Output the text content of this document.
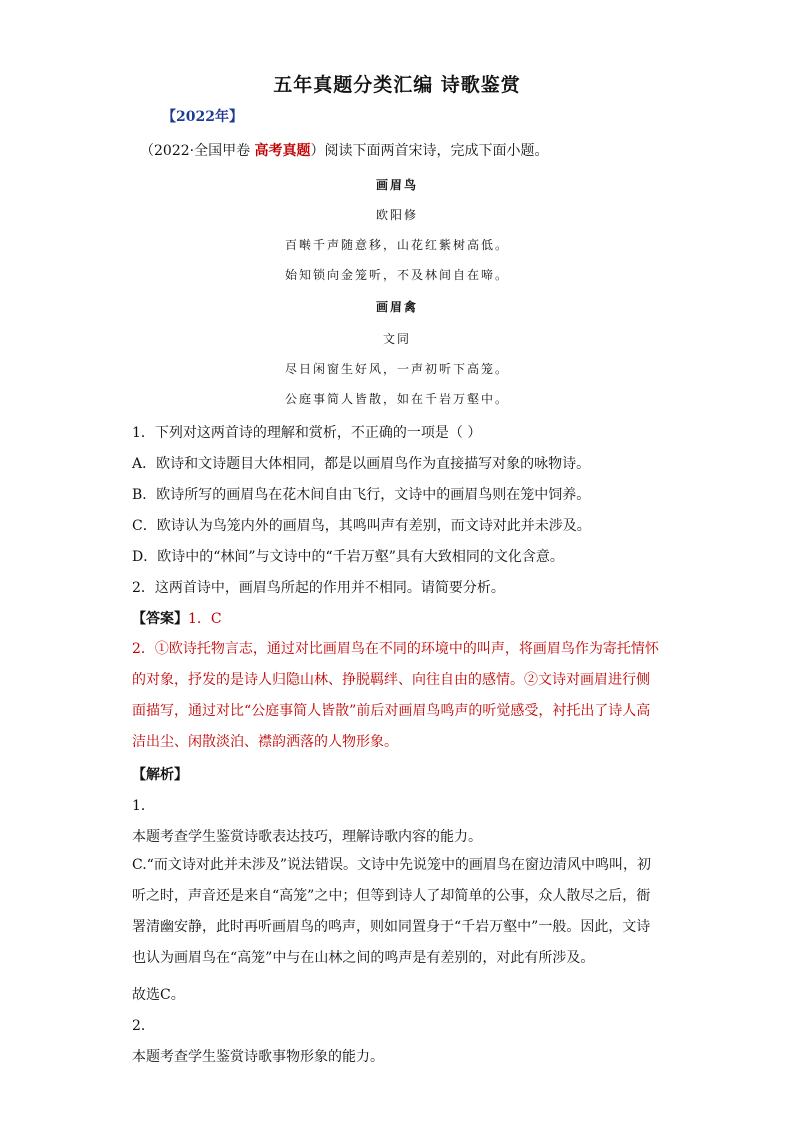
五年真题分类汇编 诗歌鉴赏
【2022年】
（2022·全国甲卷 高考真题）阅读下面两首宋诗，完成下面小题。
画眉鸟
欧阳修
百啭千声随意移，山花红紫树高低。
始知锁向金笼听，不及林间自在啼。
画眉禽
文同
尽日闲窗生好风，一声初听下高笼。
公庭事简人皆散，如在千岩万壑中。
1．下列对这两首诗的理解和赏析，不正确的一项是（ ）
A．欧诗和文诗题目大体相同，都是以画眉鸟作为直接描写对象的咏物诗。
B．欧诗所写的画眉鸟在花木间自由飞行，文诗中的画眉鸟则在笼中饲养。
C．欧诗认为鸟笼内外的画眉鸟，其鸣叫声有差别，而文诗对此并未涉及。
D．欧诗中的“林间”与文诗中的“千岩万壑”具有大致相同的文化含意。
2．这两首诗中，画眉鸟所起的作用并不相同。请简要分析。
【答案】1．C
2．①欧诗托物言志，通过对比画眉鸟在不同的环境中的叫声，将画眉鸟作为寄托情怀的对象，抒发的是诗人归隐山林、挣脱羁绊、向往自由的感情。②文诗对画眉进行侧面描写，通过对比“公庭事简人皆散”前后对画眉鸟鸣声的听觉感受，衬托出了诗人高洁出尘、闲散淡泊、襟韵洒落的人物形象。
【解析】
1．
本题考查学生鉴赏诗歌表达技巧，理解诗歌内容的能力。
C.“而文诗对此并未涉及”说法错误。文诗中先说笼中的画眉鸟在窗边清风中鸣叫，初听之时，声音还是来自“高笼”之中；但等到诗人了却简单的公事，众人散尽之后，衙署清幽安静，此时再听画眉鸟的鸣声，则如同置身于“千岩万壑中”一般。因此，文诗也认为画眉鸟在“高笼”中与在山林之间的鸣声是有差别的，对此有所涉及。
故选C。
2．
本题考查学生鉴赏诗歌事物形象的能力。
